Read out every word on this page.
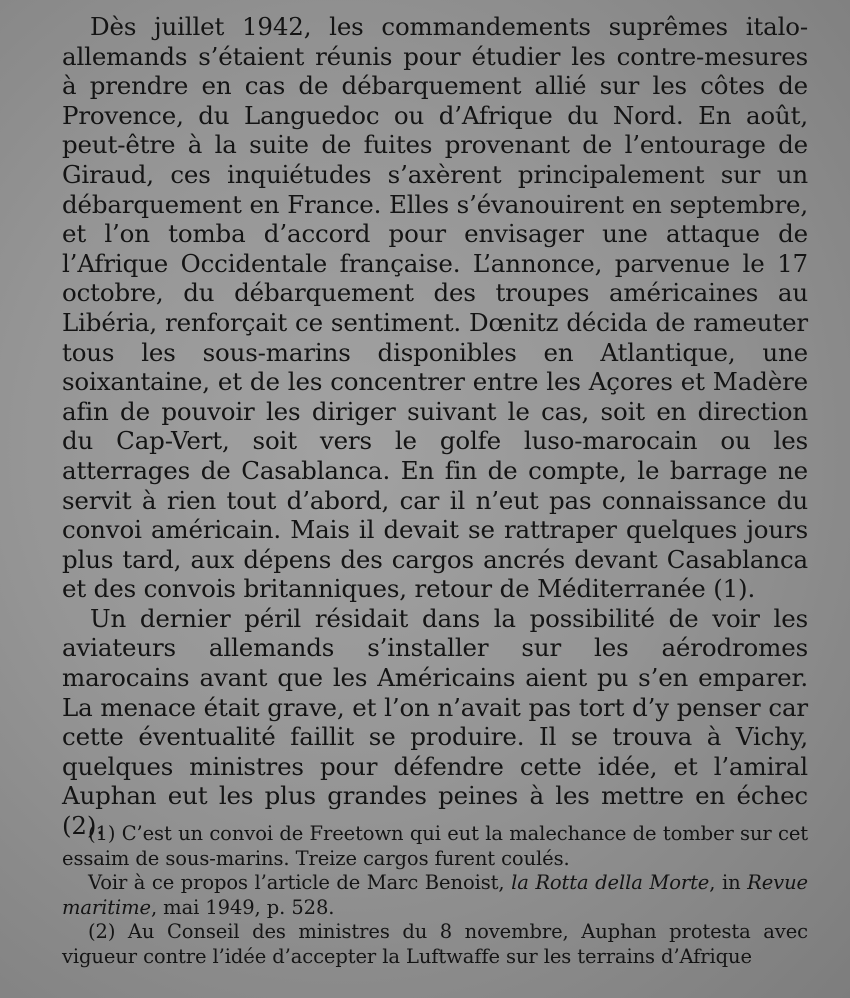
Dès juillet 1942, les commandements suprêmes italo-allemands s’étaient réunis pour étudier les contre-mesures à prendre en cas de débarquement allié sur les côtes de Provence, du Languedoc ou d’Afrique du Nord. En août, peut-être à la suite de fuites provenant de l’entourage de Giraud, ces inquiétudes s’axèrent principalement sur un débarquement en France. Elles s’évanouirent en septembre, et l’on tomba d’accord pour envisager une attaque de l’Afrique Occidentale française. L’annonce, parvenue le 17 octobre, du débarquement des troupes américaines au Libéria, renforçait ce sentiment. Dœnitz décida de rameuter tous les sous-marins disponibles en Atlantique, une soixantaine, et de les concentrer entre les Açores et Madère afin de pouvoir les diriger suivant le cas, soit en direction du Cap-Vert, soit vers le golfe luso-marocain ou les atterrages de Casablanca. En fin de compte, le barrage ne servit à rien tout d’abord, car il n’eut pas connaissance du convoi américain. Mais il devait se rattraper quelques jours plus tard, aux dépens des cargos ancrés devant Casablanca et des convois britanniques, retour de Méditerranée (1).

Un dernier péril résidait dans la possibilité de voir les aviateurs allemands s’installer sur les aérodromes marocains avant que les Américains aient pu s’en emparer. La menace était grave, et l’on n’avait pas tort d’y penser car cette éventualité faillit se produire. Il se trouva à Vichy, quelques ministres pour défendre cette idée, et l’amiral Auphan eut les plus grandes peines à les mettre en échec (2).

(1) C’est un convoi de Freetown qui eut la malechance de tomber sur cet essaim de sous-marins. Treize cargos furent coulés.

Voir à ce propos l’article de Marc Benoist, la Rotta della Morte, in Revue maritime, mai 1949, p. 528.

(2) Au Conseil des ministres du 8 novembre, Auphan protesta avec vigueur contre l’idée d’accepter la Luftwaffe sur les terrains d’Afrique
